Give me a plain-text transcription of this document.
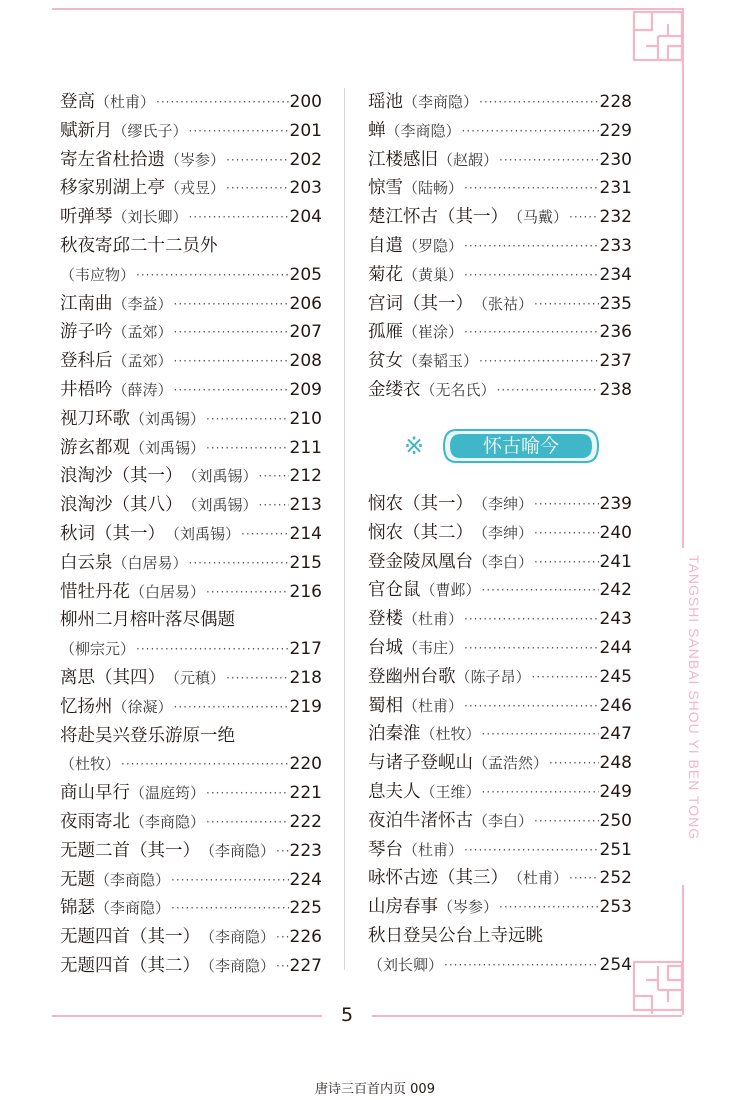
登高 （杜甫） ·····	200
赋新月 （缪氏子） ·····	201
寄左省杜拾遗 （岑参） ·····	202
移家别湖上亭 （戎昱） ·····	203
听弹琴 （刘长卿） ·····	204
秋夜寄邱二十二员外
（韦应物） ·····	205
江南曲 （李益） ·····	206
游子吟 （孟郊） ·····	207
登科后 （孟郊） ·····	208
井梧吟 （薛涛） ·····	209
视刀环歌 （刘禹锡） ·····	210
游玄都观 （刘禹锡） ·····	211
浪淘沙（其一） （刘禹锡） ····· 212
浪淘沙（其八） （刘禹锡） ····· 213
秋词（其一） （刘禹锡） ·····	214
白云泉 （白居易） ·····	215
惜牡丹花 （白居易） ·····	216
柳州二月榕叶落尽偶题
（柳宗元） ·····	217
离思（其四） （元稹） ·····	218
忆扬州 （徐凝） ·····	219
将赴吴兴登乐游原一绝
（杜牧） ·····	220
商山早行 （温庭筠） ·····	221
夜雨寄北 （李商隐） ·····	222
无题二首（其一） （李商隐） ····· 223
无题 （李商隐） ·····	224
锦瑟 （李商隐） ·····	225
无题四首（其一） （李商隐） ····· 226
无题四首（其二） （李商隐） ····· 227
瑶池 （李商隐） ·····	228
蝉 （李商隐） ·····	229
江楼感旧 （赵嘏） ·····	230
惊雪 （陆畅） ·····	231
楚江怀古（其一） （马戴） ····· 232
自遣 （罗隐） ·····	233
菊花 （黄巢） ·····	234
宫词（其一） （张祜） ·····	235
孤雁 （崔涂） ·····	236
贫女 （秦韬玉） ·····	237
金缕衣 （无名氏） ·····	238
※	怀古喻今
悯农（其一） （李绅） ·····	239
悯农（其二） （李绅） ·····	240
登金陵凤凰台 （李白） ·····	241
官仓鼠 （曹邺） ·····	242
登楼 （杜甫） ·····	243
台城 （韦庄） ·····	244
登幽州台歌 （陈子昂） ·····	245
蜀相 （杜甫） ·····	246
泊秦淮 （杜牧） ·····	247
与诸子登岘山 （孟浩然） ·····	248
息夫人 （王维） ·····	249
夜泊牛渚怀古 （李白） ·····	250
琴台 （杜甫） ·····	251
咏怀古迹（其三） （杜甫） ····· 252
山房春事 （岑参） ·····	253
秋日登吴公台上寺远眺
（刘长卿） ·····	254
TANGSHI SANBAI SHOU YI BEN TONG
5
唐诗三百首内页 009
